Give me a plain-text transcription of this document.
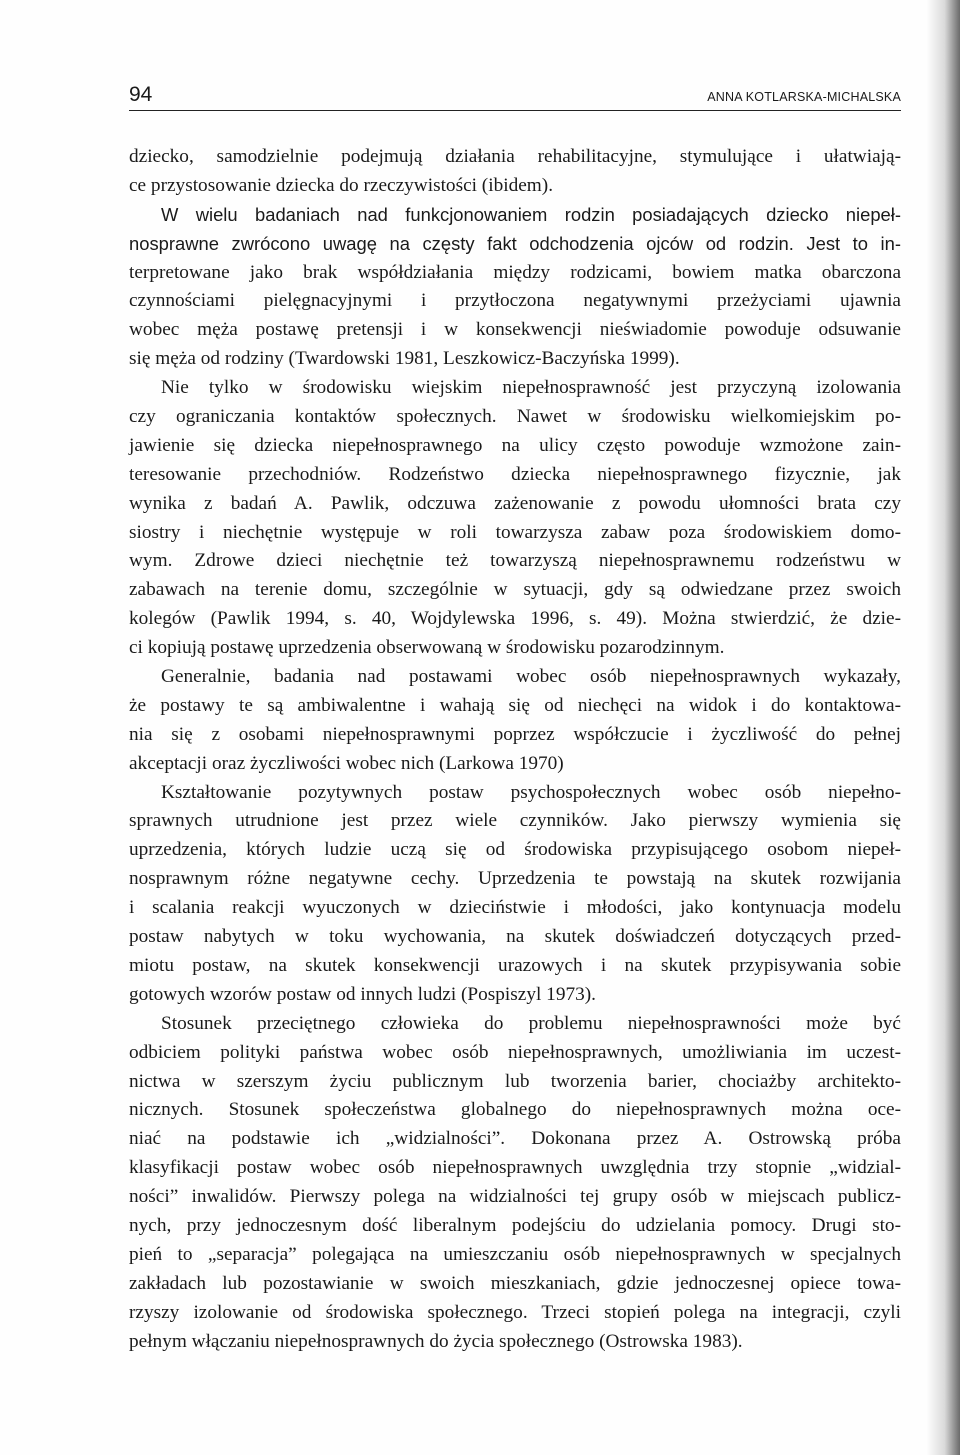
94	ANNA KOTLARSKA-MICHALSKA
dziecko, samodzielnie podejmują działania rehabilitacyjne, stymulujące i ułatwiają-
ce przystosowanie dziecka do rzeczywistości (ibidem).
W wielu badaniach nad funkcjonowaniem rodzin posiadających dziecko niepeł-
nosprawne zwrócono uwagę na częsty fakt odchodzenia ojców od rodzin. Jest to in-
terpretowane jako brak współdziałania między rodzicami, bowiem matka obarczona
czynnościami pielęgnacyjnymi i przytłoczona negatywnymi przeżyciami ujawnia
wobec męża postawę pretensji i w konsekwencji nieświadomie powoduje odsuwanie
się męża od rodziny (Twardowski 1981, Leszkowicz-Baczyńska 1999).
Nie tylko w środowisku wiejskim niepełnosprawność jest przyczyną izolowania
czy ograniczania kontaktów społecznych. Nawet w środowisku wielkomiejskim po-
jawienie się dziecka niepełnosprawnego na ulicy często powoduje wzmożone zain-
teresowanie przechodniów. Rodzeństwo dziecka niepełnosprawnego fizycznie, jak
wynika z badań A. Pawlik, odczuwa zażenowanie z powodu ułomności brata czy
siostry i niechętnie występuje w roli towarzysza zabaw poza środowiskiem domo-
wym. Zdrowe dzieci niechętnie też towarzyszą niepełnosprawnemu rodzeństwu w
zabawach na terenie domu, szczególnie w sytuacji, gdy są odwiedzane przez swoich
kolegów (Pawlik 1994, s. 40, Wojdylewska 1996, s. 49). Można stwierdzić, że dzie-
ci kopiują postawę uprzedzenia obserwowaną w środowisku pozarodzinnym.
Generalnie, badania nad postawami wobec osób niepełnosprawnych wykazały,
że postawy te są ambiwalentne i wahają się od niechęci na widok i do kontaktowa-
nia się z osobami niepełnosprawnymi poprzez współczucie i życzliwość do pełnej
akceptacji oraz życzliwości wobec nich (Larkowa 1970)
Kształtowanie pozytywnych postaw psychospołecznych wobec osób niepełno-
sprawnych utrudnione jest przez wiele czynników. Jako pierwszy wymienia się
uprzedzenia, których ludzie uczą się od środowiska przypisującego osobom niepeł-
nosprawnym różne negatywne cechy. Uprzedzenia te powstają na skutek rozwijania
i scalania reakcji wyuczonych w dzieciństwie i młodości, jako kontynuacja modelu
postaw nabytych w toku wychowania, na skutek doświadczeń dotyczących przed-
miotu postaw, na skutek konsekwencji urazowych i na skutek przypisywania sobie
gotowych wzorów postaw od innych ludzi (Pospiszyl 1973).
Stosunek przeciętnego człowieka do problemu niepełnosprawności może być
odbiciem polityki państwa wobec osób niepełnosprawnych, umożliwiania im uczest-
nictwa w szerszym życiu publicznym lub tworzenia barier, chociażby architekto-
nicznych. Stosunek społeczeństwa globalnego do niepełnosprawnych można oce-
niać na podstawie ich „widzialności”. Dokonana przez A. Ostrowską próba
klasyfikacji postaw wobec osób niepełnosprawnych uwzględnia trzy stopnie „widzial-
ności” inwalidów. Pierwszy polega na widzialności tej grupy osób w miejscach publicz-
nych, przy jednoczesnym dość liberalnym podejściu do udzielania pomocy. Drugi sto-
pień to „separacja” polegająca na umieszczaniu osób niepełnosprawnych w specjalnych
zakładach lub pozostawianie w swoich mieszkaniach, gdzie jednoczesnej opiece towa-
rzyszy izolowanie od środowiska społecznego. Trzeci stopień polega na integracji, czyli
pełnym włączaniu niepełnosprawnych do życia społecznego (Ostrowska 1983).
